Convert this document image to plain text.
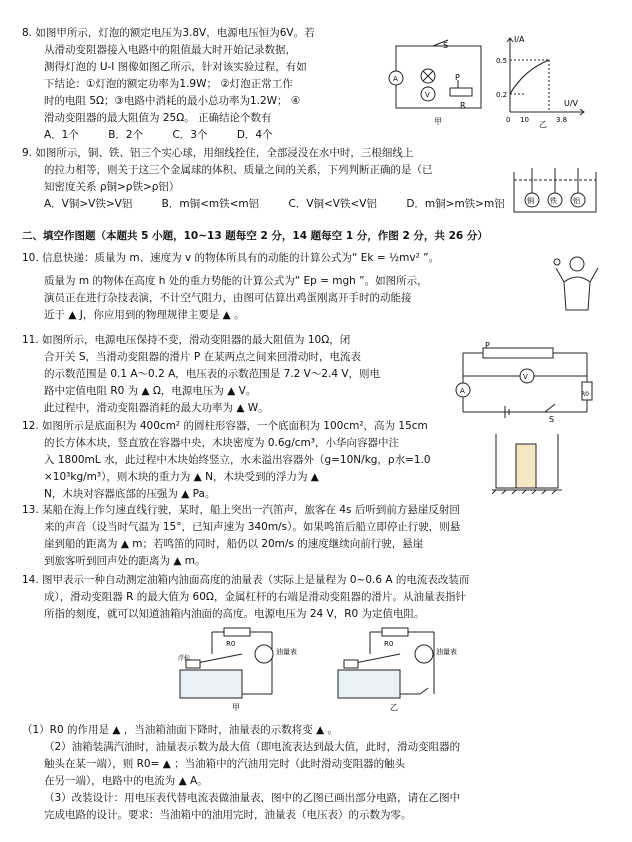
8. 如图甲所示，灯泡的额定电压为3.8V，电源电压恒为6V。若
从滑动变阻器接入电路中的阻值最大时开始记录数据，
测得灯泡的 U-I 图像如图乙所示，针对该实验过程，有如
下结论：①灯泡的额定功率为1.9W； ②灯泡正常工作
时的电阻 5Ω；③电路中消耗的最小总功率为1.2W； ④
滑动变阻器的最大阻值为 25Ω。 正确结论个数有
A．1个	B．2个	C．3个	D．4个
S
P
R
A
V
甲
I/A
U/V
0.5
0.2
0 10	3.8
乙
9. 如图所示，铜、铁、铝三个实心球，用细线拴住，全部浸没在水中时，三根细线上
的拉力相等，则关于这三个金属球的体积、质量之间的关系，下列判断正确的是（已
知密度关系 ρ铜>ρ铁>ρ铝）
A．V铜>V铁>V铝	B．m铜<m铁<m铝	C．V铜<V铁<V铝	D．m铜>m铁>m铝	铜 铁 铝
二、填空作图题（本题共 5 小题，10~13 题每空 2 分，14 题每空 1 分，作图 2 分，共 26 分）
10. 信息快递：质量为 m、速度为 v 的物体所具有的动能的计算公式为“ Ek = ½mv² ”。
质量为 m 的物体在高度 h 处的重力势能的计算公式为“ Ep = mgh ”。如图所示，
演员正在进行杂技表演，不计空气阻力，由图可估算出鸡蛋刚离开手时的动能接
近于 ▲ J，你应用到的物理规律主要是 ▲ 。
11. 如图所示，电源电压保持不变，滑动变阻器的最大阻值为 10Ω，闭
合开关 S，当滑动变阻器的滑片 P 在某两点之间来回滑动时，电流表
的示数范围是 0.1 A～0.2 A，电压表的示数范围是 7.2 V～2.4 V，则电
路中定值电阻 R0 为 ▲ Ω，电源电压为 ▲ V。
此过程中，滑动变阻器消耗的最大功率为 ▲ W。
P
V
A	R0
S
12. 如图所示是底面积为 400cm² 的圆柱形容器，一个底面积为 100cm²，高为 15cm
的长方体木块，竖直放在容器中央，木块密度为 0.6g/cm³，小华向容器中注
入 1800mL 水，此过程中木块始终竖立，水未溢出容器外（g=10N/kg，ρ水=1.0
×10³kg/m³），则木块的重力为 ▲ N，木块受到的浮力为 ▲
N，木块对容器底部的压强为 ▲ Pa。
13. 某船在海上作匀速直线行驶，某时，船上突出一汽笛声，旅客在 4s 后听到前方悬崖反射回
来的声音（设当时气温为 15°，已知声速为 340m/s）。如果鸣笛后船立即停止行驶，则悬
崖到船的距离为 ▲ m；若鸣笛的同时，船仍以 20m/s 的速度继续向前行驶，悬崖
到旅客听到回声处的距离为 ▲ m。
14. 图甲表示一种自动测定油箱内油面高度的油量表（实际上是量程为 0~0.6 A 的电流表改装而
成），滑动变阻器 R 的最大值为 60Ω，金属杠杆的右端是滑动变阻器的滑片。从油量表指针
所指的刻度，就可以知道油箱内油面的高度。电源电压为 24 V，R0 为定值电阻。
R0
油量表
浮标
甲
R0
油量表
乙
（1）R0 的作用是 ▲ ，当油箱油面下降时，油量表的示数将变 ▲ 。
（2）油箱装满汽油时，油量表示数为最大值（即电流表达到最大值，此时，滑动变阻器的
触头在某一端），则 R0= ▲ ；当油箱中的汽油用完时（此时滑动变阻器的触头
在另一端），电路中的电流为 ▲ A。
（3）改装设计：用电压表代替电流表做油量表，图中的乙图已画出部分电路，请在乙图中
完成电路的设计。要求：当油箱中的油用完时，油量表（电压表）的示数为零。
